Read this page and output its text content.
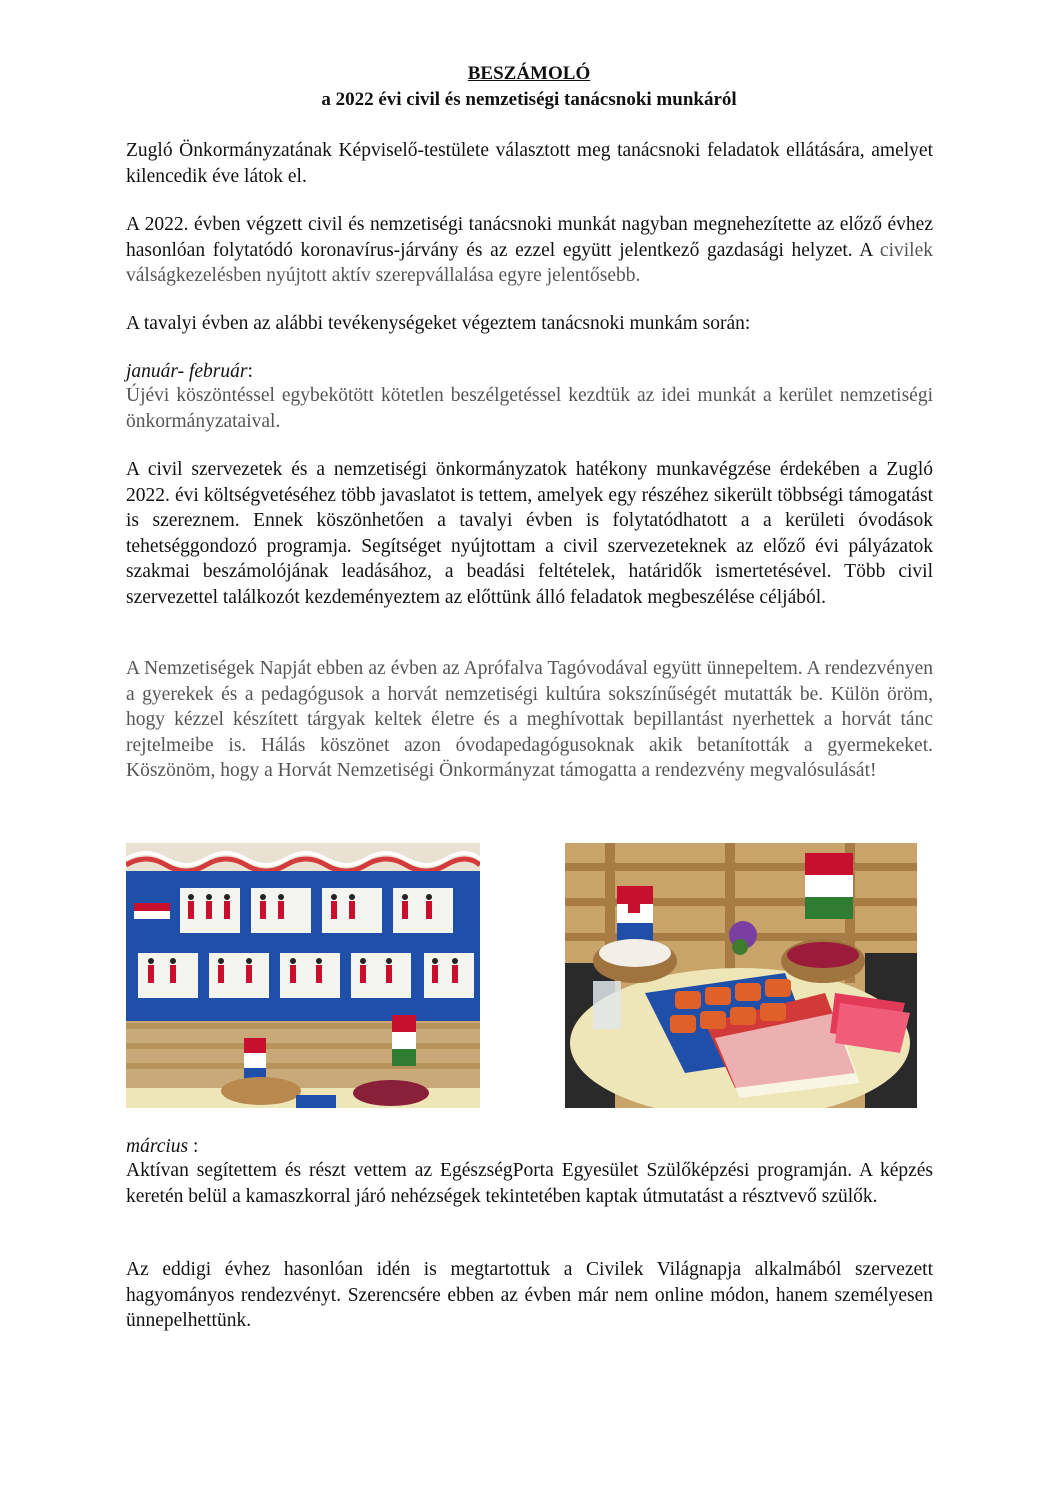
BESZÁMOLÓ
a 2022 évi civil és nemzetiségi tanácsnoki munkáról

Zugló Önkormányzatának Képviselő-testülete választott meg tanácsnoki feladatok ellátására, amelyet kilencedik éve látok el.

A 2022. évben végzett civil és nemzetiségi tanácsnoki munkát nagyban megnehezítette az előző évhez hasonlóan folytatódó koronavírus-járvány és az ezzel együtt jelentkező gazdasági helyzet. A civilek válságkezelésben nyújtott aktív szerepvállalása egyre jelentősebb.

A tavalyi évben az alábbi tevékenységeket végeztem tanácsnoki munkám során:

január- február:

Újévi köszöntéssel egybekötött kötetlen beszélgetéssel kezdtük az idei munkát a kerület nemzetiségi önkormányzataival.

A civil szervezetek és a nemzetiségi önkormányzatok hatékony munkavégzése érdekében a Zugló 2022. évi költségvetéséhez több javaslatot is tettem, amelyek egy részéhez sikerült többségi támogatást is szereznem. Ennek köszönhetően a tavalyi évben is folytatódhatott a a kerületi óvodások tehetséggondozó programja. Segítséget nyújtottam a civil szervezeteknek az előző évi pályázatok szakmai beszámolójának leadásához, a beadási feltételek, határidők ismertetésével. Több civil szervezettel találkozót kezdeményeztem az előttünk álló feladatok megbeszélése céljából.

A Nemzetiségek Napját ebben az évben az Aprófalva Tagóvodával együtt ünnepeltem. A rendezvényen a gyerekek és a pedagógusok a horvát nemzetiségi kultúra sokszínűségét mutatták be. Külön öröm, hogy kézzel készített tárgyak keltek életre és a meghívottak bepillantást nyerhettek a horvát tánc rejtelmeibe is. Hálás köszönet azon óvodapedagógusoknak akik betanították a gyermekeket. Köszönöm, hogy a Horvát Nemzetiségi Önkormányzat támogatta a rendezvény megvalósulását!

március :

Aktívan segítettem és részt vettem az EgészségPorta Egyesület Szülőképzési programján. A képzés keretén belül a kamaszkorral járó nehézségek tekintetében kaptak útmutatást a résztvevő szülők.

Az eddigi évhez hasonlóan idén is megtartottuk a Civilek Világnapja alkalmából szervezett hagyományos rendezvényt. Szerencsére ebben az évben már nem online módon, hanem személyesen ünnepelhettünk.
